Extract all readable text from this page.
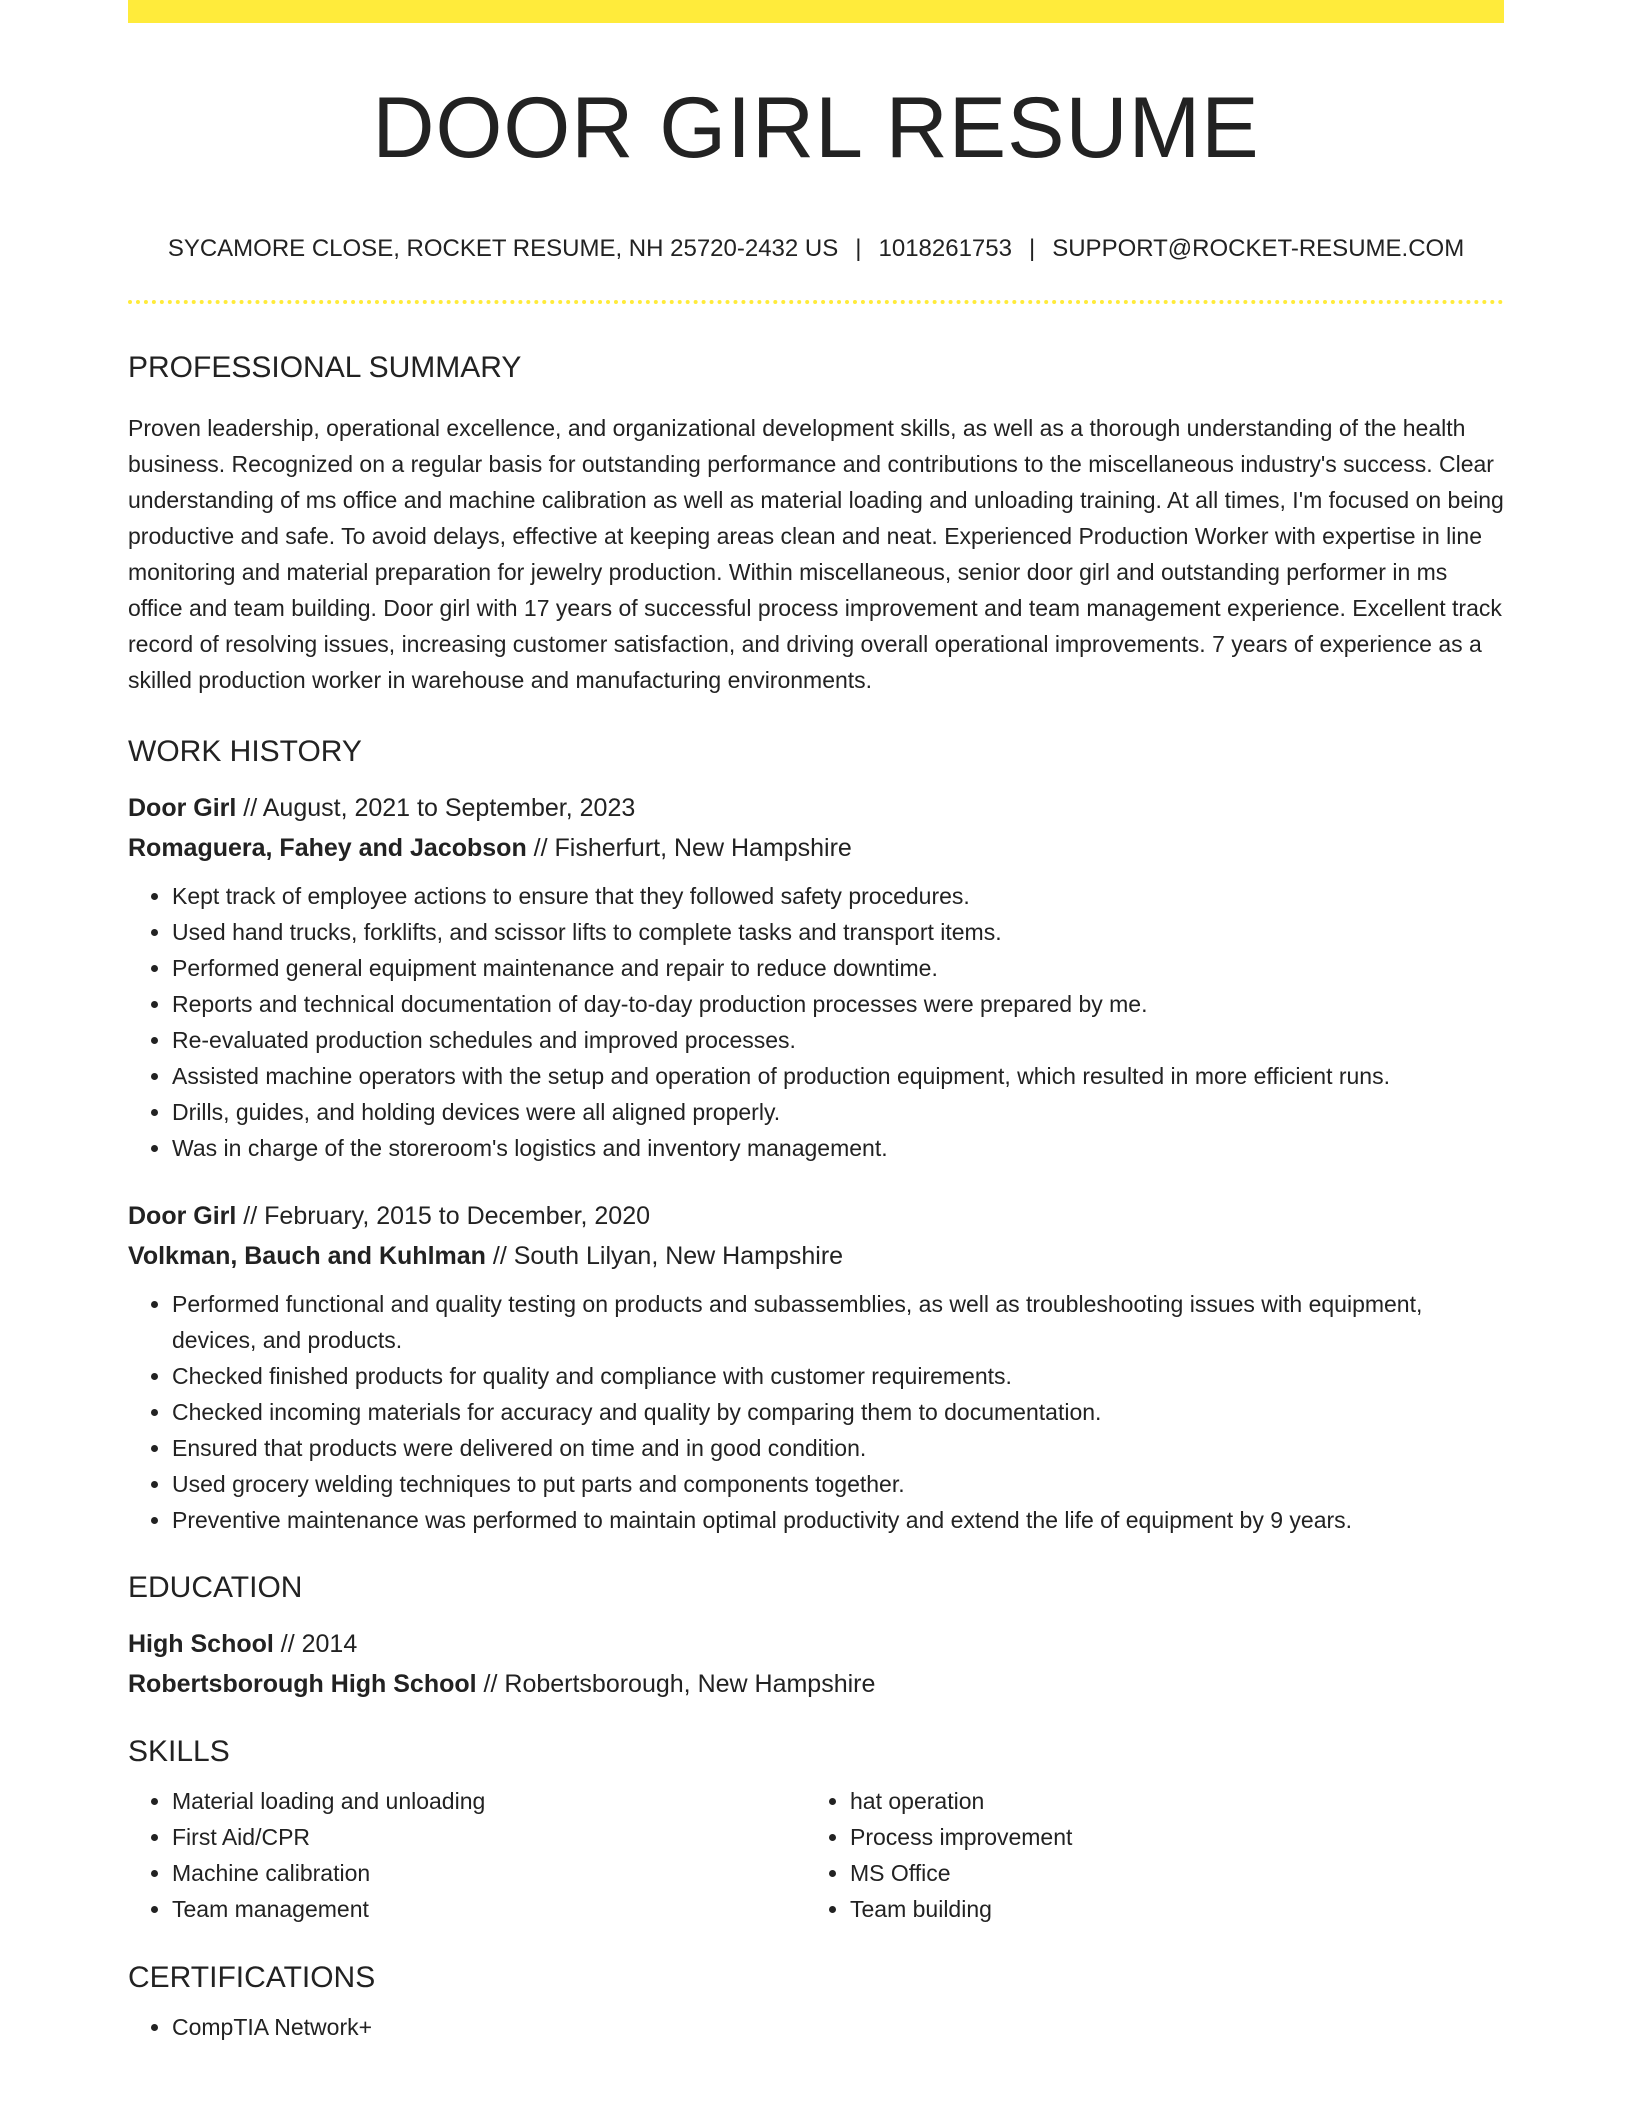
DOOR GIRL RESUME
SYCAMORE CLOSE, ROCKET RESUME, NH 25720-2432 US | 1018261753 | SUPPORT@ROCKET-RESUME.COM
PROFESSIONAL SUMMARY

Proven leadership, operational excellence, and organizational development skills, as well as a thorough understanding of the health business. Recognized on a regular basis for outstanding performance and contributions to the miscellaneous industry's success. Clear understanding of ms office and machine calibration as well as material loading and unloading training. At all times, I'm focused on being productive and safe. To avoid delays, effective at keeping areas clean and neat. Experienced Production Worker with expertise in line monitoring and material preparation for jewelry production. Within miscellaneous, senior door girl and outstanding performer in ms office and team building. Door girl with 17 years of successful process improvement and team management experience. Excellent track record of resolving issues, increasing customer satisfaction, and driving overall operational improvements. 7 years of experience as a skilled production worker in warehouse and manufacturing environments.

WORK HISTORY

Door Girl // August, 2021 to September, 2023

Romaguera, Fahey and Jacobson // Fisherfurt, New Hampshire

• Kept track of employee actions to ensure that they followed safety procedures.
• Used hand trucks, forklifts, and scissor lifts to complete tasks and transport items.
• Performed general equipment maintenance and repair to reduce downtime.
• Reports and technical documentation of day-to-day production processes were prepared by me.
• Re-evaluated production schedules and improved processes.
• Assisted machine operators with the setup and operation of production equipment, which resulted in more efficient runs.
• Drills, guides, and holding devices were all aligned properly.
• Was in charge of the storeroom's logistics and inventory management.

Door Girl // February, 2015 to December, 2020

Volkman, Bauch and Kuhlman // South Lilyan, New Hampshire

• Performed functional and quality testing on products and subassemblies, as well as troubleshooting issues with equipment, devices, and products.
• Checked finished products for quality and compliance with customer requirements.
• Checked incoming materials for accuracy and quality by comparing them to documentation.
• Ensured that products were delivered on time and in good condition.
• Used grocery welding techniques to put parts and components together.
• Preventive maintenance was performed to maintain optimal productivity and extend the life of equipment by 9 years.
EDUCATION

High School // 2014

Robertsborough High School // Robertsborough, New Hampshire

SKILLS
• Material loading and unloading
• First Aid/CPR
• Machine calibration
• Team management
• hat operation
• Process improvement
• MS Office
• Team building
CERTIFICATIONS
• CompTIA Network+
